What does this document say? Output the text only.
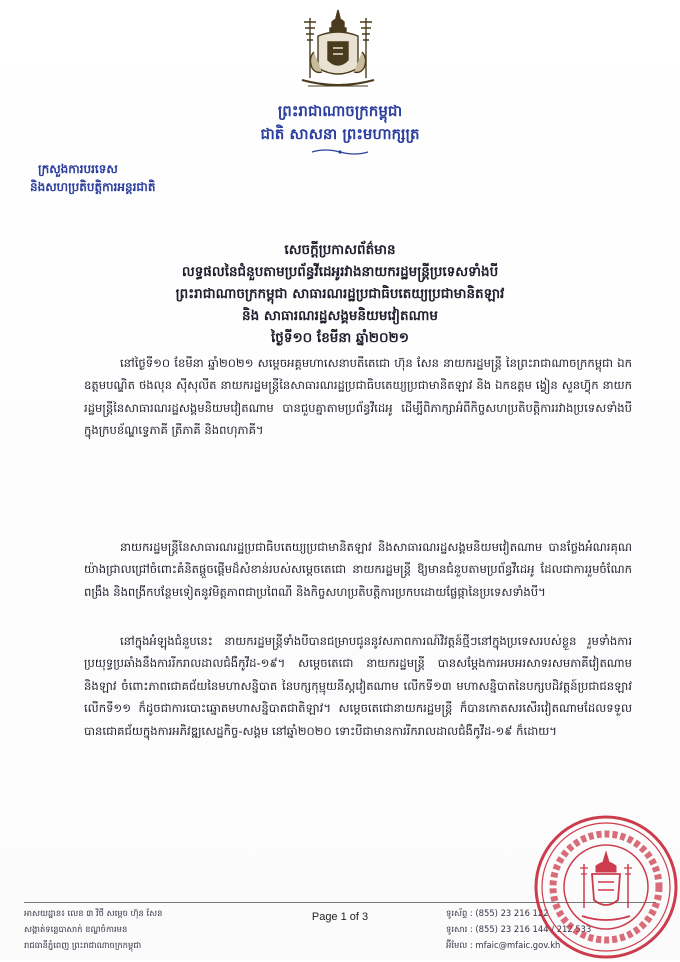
ព្រះរាជាណាចក្រកម្ពុជា
ជាតិ សាសនា ព្រះមហាក្សត្រ
ក្រសួងការបរទេស
និងសហប្រតិបត្តិការអន្តរជាតិ
សេចក្តីប្រកាសព័ត៌មាន
លទ្ធផលនៃជំនួបតាមប្រព័ន្ធវីដេអូរវាងនាយករដ្ឋមន្ត្រីប្រទេសទាំងបី
ព្រះរាជាណាចក្រកម្ពុជា សាធារណរដ្ឋប្រជាធិបតេយ្យប្រជាមានិតឡាវ
និង សាធារណរដ្ឋសង្គមនិយមវៀតណាម
ថ្ងៃទី១០ ខែមីនា ឆ្នាំ២០២១
នៅថ្ងៃទី១០ ខែមីនា ឆ្នាំ២០២១ សម្តេចអគ្គមហាសេនាបតីតេជោ ហ៊ុន សែន នាយករដ្ឋមន្ត្រី នៃព្រះរាជាណាចក្រកម្ពុជា ឯកឧត្តមបណ្ឌិត ថងលុន ស៊ីសុលីត នាយករដ្ឋមន្ត្រីនៃសាធារណរដ្ឋប្រជាធិបតេយ្យប្រជាមានិតឡាវ និង ឯកឧត្តម ង្វៀន សួនហ៊្វុក នាយករដ្ឋមន្ត្រីនៃសាធារណរដ្ឋសង្គមនិយមវៀតណាម បានជួបគ្នាតាមប្រព័ន្ធវីដេអូ ដើម្បីពិភាក្សាអំពីកិច្ចសហប្រតិបត្តិការរវាងប្រទេសទាំងបី ក្នុងក្របខ័ណ្ឌទ្វេភាគី ត្រីភាគី និងពហុភាគី។
នាយករដ្ឋមន្ត្រីនៃសាធារណរដ្ឋប្រជាធិបតេយ្យប្រជាមានិតឡាវ និងសាធារណរដ្ឋសង្គមនិយមវៀតណាម បានថ្លែងអំណរគុណយ៉ាងជ្រាលជ្រៅចំពោះគំនិតផ្តួចផ្តើមដ៏សំខាន់របស់សម្តេចតេជោ នាយករដ្ឋមន្ត្រី ឱ្យមានជំនួបតាមប្រព័ន្ធវីដេអូ ដែលជាការរួមចំណែកពង្រឹង និងពង្រីកបន្ថែមទៀតនូវមិត្តភាពជាប្រពៃណី និងកិច្ចសហប្រតិបត្តិការប្រកបដោយផ្លែផ្កានៃប្រទេសទាំងបី។
នៅក្នុងអំឡុងជំនួបនេះ នាយករដ្ឋមន្ត្រីទាំងបីបានជម្រាបជូននូវសភាពការណ៍វិវត្តន៍ថ្មីៗនៅក្នុងប្រទេសរបស់ខ្លួន រួមទាំងការប្រយុទ្ធប្រឆាំងនឹងការរីករាលដាលជំងឺកូវីដ-១៩។ សម្តេចតេជោ នាយករដ្ឋមន្ត្រី បានសម្តែងការអបអរសាទរសមភាគីវៀតណាម និងឡាវ ចំពោះភាពជោគជ័យនៃមហាសន្និបាត នៃបក្សកុម្មុយនីស្តវៀតណាម លើកទី១៣ មហាសន្និបាតនៃបក្សបដិវត្តន៍ប្រជាជនឡាវ លើកទី១១ ក៏ដូចជាការបោះឆ្នោតមហាសន្និបាតជាតិឡាវ។ សម្តេចតេជោនាយករដ្ឋមន្ត្រី ក៏បានកោតសរសើរវៀតណាមដែលទទួលបានជោគជ័យក្នុងការអភិវឌ្ឍសេដ្ឋកិច្ច-សង្គម នៅឆ្នាំ២០២០ ទោះបីជាមានការរីករាលដាលជំងឺកូវីដ-១៩ ក៏ដោយ។
អាសយដ្ឋាន៖ លេខ ៣ វិថី សម្តេច ហ៊ុន សែន
សង្កាត់ទន្លេបាសាក់ ខណ្ឌចំការមន
រាជធានីភ្នំពេញ ព្រះរាជាណាចក្រកម្ពុជា
Page 1 of 3	ទូរស័ព្ទ : (855) 23 216 122
ទូរសារ : (855) 23 216 144 / 212 533
អ៊ីមែល : mfaic@mfaic.gov.kh
